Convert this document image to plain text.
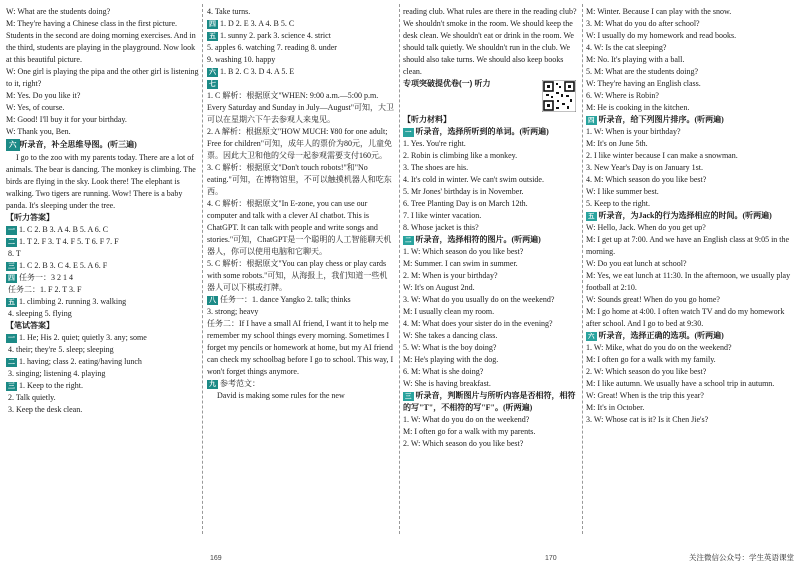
W: What are the students doing?

M: They're having a Chinese class in the first picture. Students in the second are doing morning exercises. And in the third, students are playing in the playground. Now look at this beautiful picture.

W: One girl is playing the pipa and the other girl is listening to it, right?

M: Yes. Do you like it?

W: Yes, of course.

M: Good! I'll buy it for your birthday.

W: Thank you, Ben.

六 听录音，补全思维导图。(听三遍)

I go to the zoo with my parents today. There are a lot of animals. The bear is dancing. The monkey is climbing. The birds are flying in the sky. Look there! The elephant is walking. Two tigers are running. Wow! There is a baby panda. It's sleeping under the tree.

【听力答案】

一 1. C 2. B 3. A 4. B 5. A 6. C

二 1. T 2. F 3. T 4. F 5. T 6. F 7. F

8. T

三 1. C 2. B 3. C 4. E 5. A 6. F

四 任务一：3 2 1 4

任务二：1. F 2. T 3. F

五 1. climbing 2. running 3. walking

4. sleeping 5. flying

【笔试答案】

一 1. He; His 2. quiet; quietly 3. any; some

4. their; they're 5. sleep; sleeping

二 1. having; class 2. eating/having lunch

3. singing; listening 4. playing

三 1. Keep to the right.

2. Talk quietly.

3. Keep the desk clean.

4. Take turns.

四 1. D 2. E 3. A 4. B 5. C

五 1. sunny 2. park 3. science 4. strict

5. apples 6. watching 7. reading 8. under

9. washing 10. happy

六 1. B 2. C 3. D 4. A 5. E

七

1. C 解析：根据原文"WHEN: 9:00 a.m.—5:00 p.m. Every Saturday and Sunday in July—August"可知，大卫可以在星期六下午去参观人来鬼见。

2. A 解析：根据原文"HOW MUCH: ¥80 for one adult; Free for children"可知，成年人的票价为80元，儿童免票。因此大卫和他的父母一起参观需要支付160元。

3. C 解析：根据原文"Don't touch robots!"和"No eating."可知，在博物馆里，不可以触摸机器人和吃东西。

4. C 解析：根据原文"In E-zone, you can use our computer and talk with a clever AI chatbot. This is ChatGPT. It can talk with people and write songs and stories."可知，ChatGPT是一个聪明的人工智能聊天机器人，你可以使用电脑和它聊天。

5. C 解析：根据原文"You can play chess or play cards with some robots."可知，从海报上，我们知道一些机器人可以下棋或打牌。

八 任务一：1. dance Yangko 2. talk; thinks

3. strong; heavy

任务二：If I have a small AI friend, I want it to help me remember my school things every morning. Sometimes I forget my pencils or homework at home, but my AI friend can check my schoolbag before I go to school. This way, I won't forget things anymore.

九 参考范文：

David is making some rules for the new

169

reading club. What rules are there in the reading club? We shouldn't smoke in the room. We should keep the desk clean. We shouldn't eat or drink in the room. We should talk quietly. We shouldn't run in the club. We should also take turns. We should also keep books clean.

专项突破提优卷(一) 听力

【听力材料】

一 听录音，选择所听到的单词。(听两遍)

1. Yes. You're right.

2. Robin is climbing like a monkey.

3. The shoes are his.

4. It's cold in winter. We can't swim outside.

5. Mr Jones' birthday is in November.

6. Tree Planting Day is on March 12th.

7. I like winter vacation.

8. Whose jacket is this?

二 听录音，选择相符的图片。(听两遍)

1. W: Which season do you like best?

M: Summer. I can swim in summer.

2. M: When is your birthday?

W: It's on August 2nd.

3. W: What do you usually do on the weekend?

M: I usually clean my room.

4. M: What does your sister do in the evening?

W: She takes a dancing class.

5. W: What is the boy doing?

M: He's playing with the dog.

6. M: What is she doing?

W: She is having breakfast.

三 听录音，判断图片与所听内容是否相符，相符的写"T"，不相符的写"F"。(听两遍)

1. W: What do you do on the weekend?

M: I often go for a walk with my parents.

2. W: Which season do you like best?

170

M: Winter. Because I can play with the snow.

3. M: What do you do after school?

W: I usually do my homework and read books.

4. W: Is the cat sleeping?

M: No. It's playing with a ball.

5. M: What are the students doing?

W: They're having an English class.

6. W: Where is Robin?

M: He is cooking in the kitchen.

四 听录音，给下列图片排序。(听两遍)

1. W: When is your birthday?

M: It's on June 5th.

2. I like winter because I can make a snowman.

3. New Year's Day is on January 1st.

4. M: Which season do you like best?

W: I like summer best.

5. Keep to the right.

五 听录音，为Jack的行为选择相应的时间。(听两遍)

W: Hello, Jack. When do you get up?

M: I get up at 7:00. And we have an English class at 9:05 in the morning.

W: Do you eat lunch at school?

M: Yes, we eat lunch at 11:30. In the afternoon, we usually play football at 2:10.

W: Sounds great! When do you go home?

M: I go home at 4:00. I often watch TV and do my homework after school. And I go to bed at 9:30.

六 听录音，选择正确的选项。(听两遍)

1. W: Mike, what do you do on the weekend?

M: I often go for a walk with my family.

2. W: Which season do you like best?

M: I like autumn. We usually have a school trip in autumn.

W: Great! When is the trip this year?

M: It's in October.

3. W: Whose cat is it? Is it Chen Jie's?

关注微信公众号：学生英语课堂
